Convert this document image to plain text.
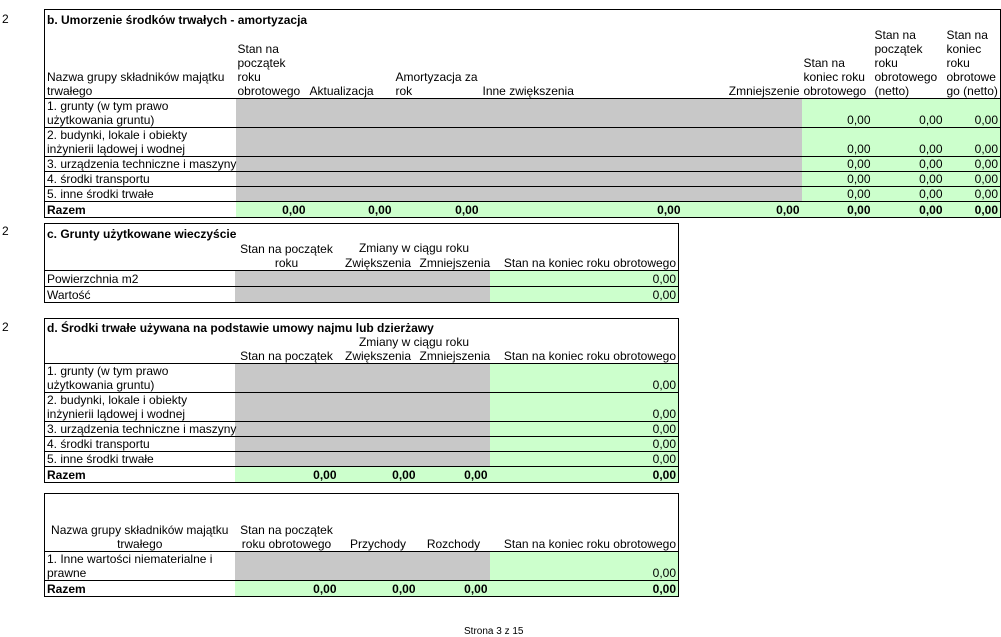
2	b. Umorzenie środków trwałych - amortyzacja								
Nazwa grupy składników majątku trwałego	Stan na początek roku obrotowego	Aktualizacja	Amortyzacja za rok	Inne zwiększenia	Zmniejszenie	Stan na koniec roku obrotowego	Stan na początek roku obrotowego (netto)	Stan na koniec roku obrotowe go (netto)
1. grunty (w tym prawo użytkowania gruntu)						0,00	0,00	0,00
2. budynki, lokale i obiekty inżynierii lądowej i wodnej						0,00	0,00	0,00
3. urządzenia techniczne i maszyny						0,00	0,00	0,00
4. środki transportu						0,00	0,00	0,00
5. inne środki trwałe						0,00	0,00	0,00
Razem	0,00	0,00	0,00	0,00	0,00	0,00	0,00	0,00
2	c. Grunty użytkowane wieczyście				
	Stan na początek roku	Zmiany w ciągu roku		
		Zwiększenia	Zmniejszenia	Stan na koniec roku obrotowego
Powierzchnia m2				0,00
Wartość				0,00
2	d. Środki trwałe używana na podstawie umowy najmu lub dzierżawy				
	Stan na początek	Zmiany w ciągu roku		
		Zwiększenia	Zmniejszenia	Stan na koniec roku obrotowego
1. grunty (w tym prawo użytkowania gruntu)				0,00
2. budynki, lokale i obiekty inżynierii lądowej i wodnej				0,00
3. urządzenia techniczne i maszyny				0,00
4. środki transportu				0,00
5. inne środki trwałe				0,00
Razem	0,00	0,00	0,00	0,00
Nazwa grupy składników majątku trwałego	Stan na początek roku obrotowego	Przychody	Rozchody	Stan na koniec roku obrotowego
1. Inne wartości niematerialne i prawne				0,00
Razem	0,00	0,00	0,00	0,00
Strona 3 z 15
